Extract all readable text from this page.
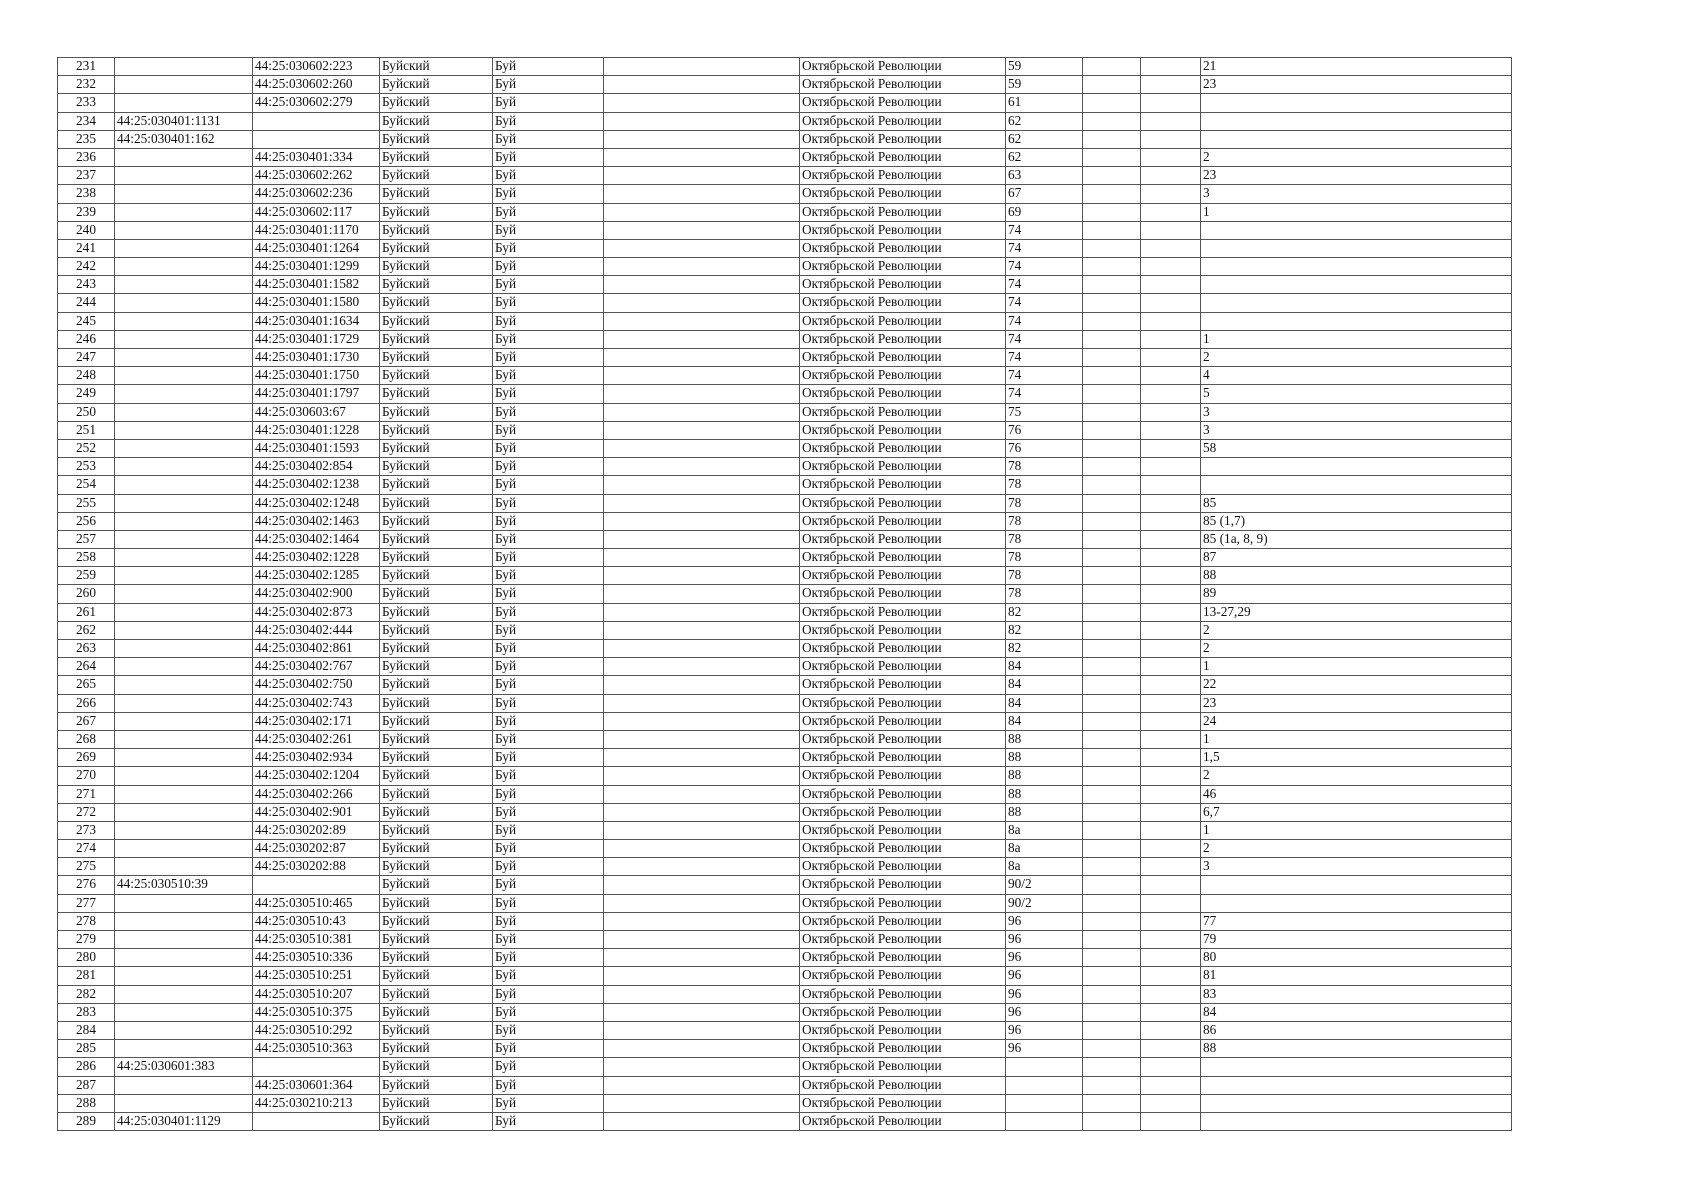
231		44:25:030602:223	Буйский	Буй		Октябрьской Революции	59			21
232		44:25:030602:260	Буйский	Буй		Октябрьской Революции	59			23
233		44:25:030602:279	Буйский	Буй		Октябрьской Революции	61			
234	44:25:030401:1131		Буйский	Буй		Октябрьской Революции	62			
235	44:25:030401:162		Буйский	Буй		Октябрьской Революции	62			
236		44:25:030401:334	Буйский	Буй		Октябрьской Революции	62			2
237		44:25:030602:262	Буйский	Буй		Октябрьской Революции	63			23
238		44:25:030602:236	Буйский	Буй		Октябрьской Революции	67			3
239		44:25:030602:117	Буйский	Буй		Октябрьской Революции	69			1
240		44:25:030401:1170	Буйский	Буй		Октябрьской Революции	74			
241		44:25:030401:1264	Буйский	Буй		Октябрьской Революции	74			
242		44:25:030401:1299	Буйский	Буй		Октябрьской Революции	74			
243		44:25:030401:1582	Буйский	Буй		Октябрьской Революции	74			
244		44:25:030401:1580	Буйский	Буй		Октябрьской Революции	74			
245		44:25:030401:1634	Буйский	Буй		Октябрьской Революции	74			
246		44:25:030401:1729	Буйский	Буй		Октябрьской Революции	74			1
247		44:25:030401:1730	Буйский	Буй		Октябрьской Революции	74			2
248		44:25:030401:1750	Буйский	Буй		Октябрьской Революции	74			4
249		44:25:030401:1797	Буйский	Буй		Октябрьской Революции	74			5
250		44:25:030603:67	Буйский	Буй		Октябрьской Революции	75			3
251		44:25:030401:1228	Буйский	Буй		Октябрьской Революции	76			3
252		44:25:030401:1593	Буйский	Буй		Октябрьской Революции	76			58
253		44:25:030402:854	Буйский	Буй		Октябрьской Революции	78			
254		44:25:030402:1238	Буйский	Буй		Октябрьской Революции	78			
255		44:25:030402:1248	Буйский	Буй		Октябрьской Революции	78			85
256		44:25:030402:1463	Буйский	Буй		Октябрьской Революции	78			85 (1,7)
257		44:25:030402:1464	Буйский	Буй		Октябрьской Революции	78			85 (1а, 8, 9)
258		44:25:030402:1228	Буйский	Буй		Октябрьской Революции	78			87
259		44:25:030402:1285	Буйский	Буй		Октябрьской Революции	78			88
260		44:25:030402:900	Буйский	Буй		Октябрьской Революции	78			89
261		44:25:030402:873	Буйский	Буй		Октябрьской Революции	82			13-27,29
262		44:25:030402:444	Буйский	Буй		Октябрьской Революции	82			2
263		44:25:030402:861	Буйский	Буй		Октябрьской Революции	82			2
264		44:25:030402:767	Буйский	Буй		Октябрьской Революции	84			1
265		44:25:030402:750	Буйский	Буй		Октябрьской Революции	84			22
266		44:25:030402:743	Буйский	Буй		Октябрьской Революции	84			23
267		44:25:030402:171	Буйский	Буй		Октябрьской Революции	84			24
268		44:25:030402:261	Буйский	Буй		Октябрьской Революции	88			1
269		44:25:030402:934	Буйский	Буй		Октябрьской Революции	88			1,5
270		44:25:030402:1204	Буйский	Буй		Октябрьской Революции	88			2
271		44:25:030402:266	Буйский	Буй		Октябрьской Революции	88			46
272		44:25:030402:901	Буйский	Буй		Октябрьской Революции	88			6,7
273		44:25:030202:89	Буйский	Буй		Октябрьской Революции	8а			1
274		44:25:030202:87	Буйский	Буй		Октябрьской Революции	8а			2
275		44:25:030202:88	Буйский	Буй		Октябрьской Революции	8а			3
276	44:25:030510:39		Буйский	Буй		Октябрьской Революции	90/2			
277		44:25:030510:465	Буйский	Буй		Октябрьской Революции	90/2			
278		44:25:030510:43	Буйский	Буй		Октябрьской Революции	96			77
279		44:25:030510:381	Буйский	Буй		Октябрьской Революции	96			79
280		44:25:030510:336	Буйский	Буй		Октябрьской Революции	96			80
281		44:25:030510:251	Буйский	Буй		Октябрьской Революции	96			81
282		44:25:030510:207	Буйский	Буй		Октябрьской Революции	96			83
283		44:25:030510:375	Буйский	Буй		Октябрьской Революции	96			84
284		44:25:030510:292	Буйский	Буй		Октябрьской Революции	96			86
285		44:25:030510:363	Буйский	Буй		Октябрьской Революции	96			88
286	44:25:030601:383		Буйский	Буй		Октябрьской Революции				
287		44:25:030601:364	Буйский	Буй		Октябрьской Революции				
288		44:25:030210:213	Буйский	Буй		Октябрьской Революции				
289	44:25:030401:1129		Буйский	Буй		Октябрьской Революции				
